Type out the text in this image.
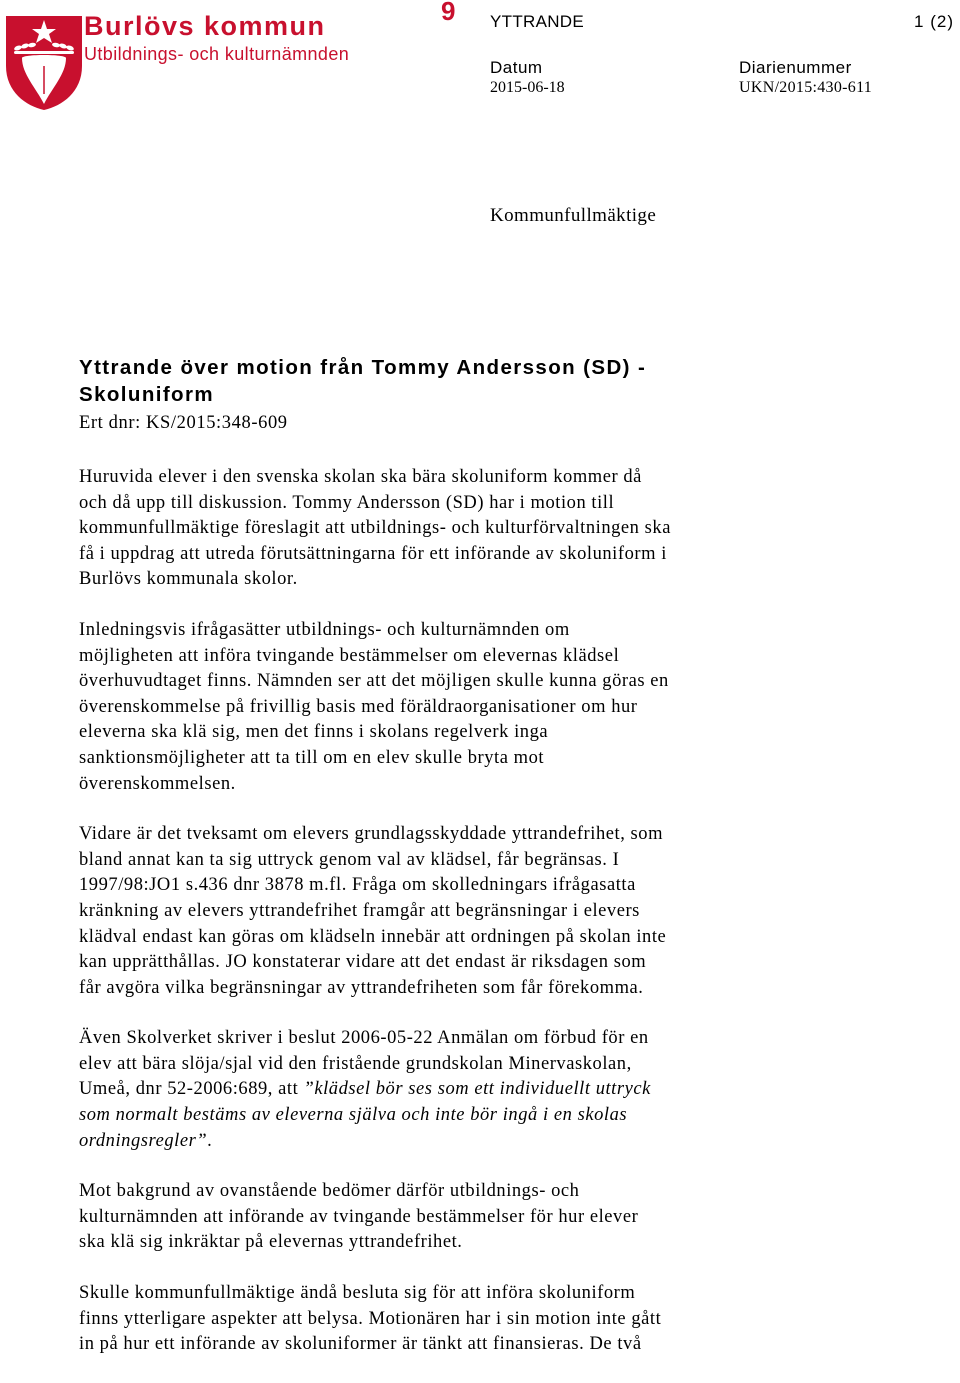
Burlövs kommun
Utbildnings- och kulturnämnden
9 YTTRANDE	1 (2)
Datum
2015-06-18
Diarienummer
UKN/2015:430-611
Kommunfullmäktige
Yttrande över motion från Tommy Andersson (SD) -
Skoluniform
Ert dnr: KS/2015:348-609

Huruvida elever i den svenska skolan ska bära skoluniform kommer då
och då upp till diskussion. Tommy Andersson (SD) har i motion till
kommunfullmäktige föreslagit att utbildnings- och kulturförvaltningen ska
få i uppdrag att utreda förutsättningarna för ett införande av skoluniform i
Burlövs kommunala skolor.

Inledningsvis ifrågasätter utbildnings- och kulturnämnden om
möjligheten att införa tvingande bestämmelser om elevernas klädsel
överhuvudtaget finns. Nämnden ser att det möjligen skulle kunna göras en
överenskommelse på frivillig basis med föräldraorganisationer om hur
eleverna ska klä sig, men det finns i skolans regelverk inga
sanktionsmöjligheter att ta till om en elev skulle bryta mot
överenskommelsen.

Vidare är det tveksamt om elevers grundlagsskyddade yttrandefrihet, som
bland annat kan ta sig uttryck genom val av klädsel, får begränsas. I
1997/98:JO1 s.436 dnr 3878 m.fl. Fråga om skolledningars ifrågasatta
kränkning av elevers yttrandefrihet framgår att begränsningar i elevers
klädval endast kan göras om klädseln innebär att ordningen på skolan inte
kan upprätthållas. JO konstaterar vidare att det endast är riksdagen som
får avgöra vilka begränsningar av yttrandefriheten som får förekomma.

Även Skolverket skriver i beslut 2006-05-22 Anmälan om förbud för en
elev att bära slöja/sjal vid den fristående grundskolan Minervaskolan,
Umeå, dnr 52-2006:689, att ”klädsel bör ses som ett individuellt uttryck
som normalt bestäms av eleverna själva och inte bör ingå i en skolas
ordningsregler”.

Mot bakgrund av ovanstående bedömer därför utbildnings- och
kulturnämnden att införande av tvingande bestämmelser för hur elever
ska klä sig inkräktar på elevernas yttrandefrihet.

Skulle kommunfullmäktige ändå besluta sig för att införa skoluniform
finns ytterligare aspekter att belysa. Motionären har i sin motion inte gått
in på hur ett införande av skoluniformer är tänkt att finansieras. De två
